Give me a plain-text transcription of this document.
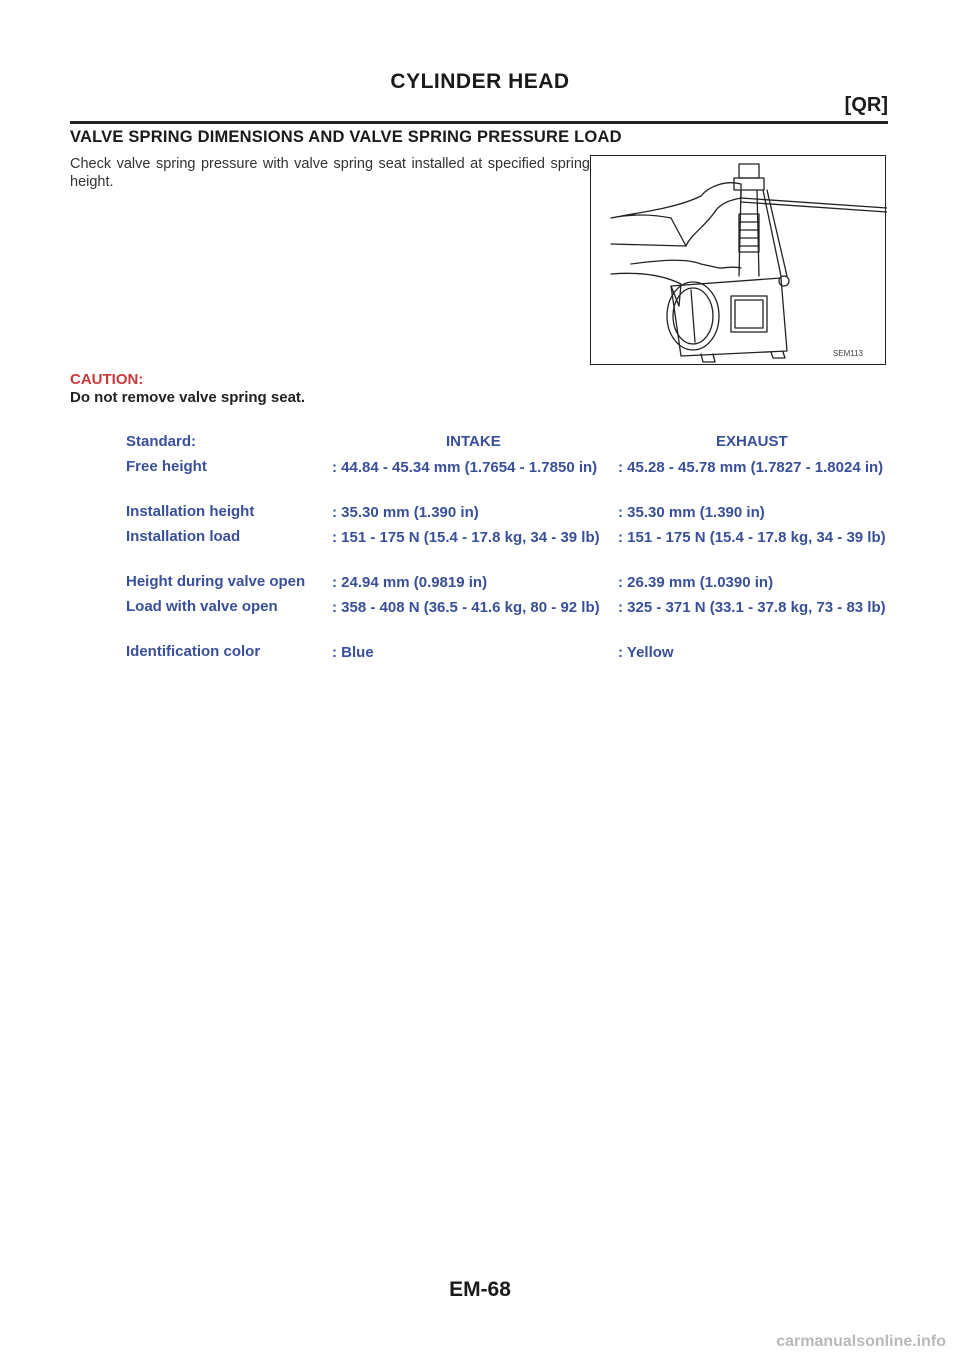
CYLINDER HEAD
[QR]
VALVE SPRING DIMENSIONS AND VALVE SPRING PRESSURE LOAD
Check valve spring pressure with valve spring seat installed at specified spring height.
SEM113
CAUTION:
Do not remove valve spring seat.
Standard:	INTAKE	EXHAUST
Free height	: 44.84 - 45.34 mm (1.7654 - 1.7850 in)	: 45.28 - 45.78 mm (1.7827 - 1.8024 in)
Installation height	: 35.30 mm (1.390 in)	: 35.30 mm (1.390 in)
Installation load	: 151 - 175 N (15.4 - 17.8 kg, 34 - 39 lb)	: 151 - 175 N (15.4 - 17.8 kg, 34 - 39 lb)
Height during valve open	: 24.94 mm (0.9819 in)	: 26.39 mm (1.0390 in)
Load with valve open	: 358 - 408 N (36.5 - 41.6 kg, 80 - 92 lb)	: 325 - 371 N (33.1 - 37.8 kg, 73 - 83 lb)
Identification color	: Blue	: Yellow
EM-68
carmanualsonline.info
